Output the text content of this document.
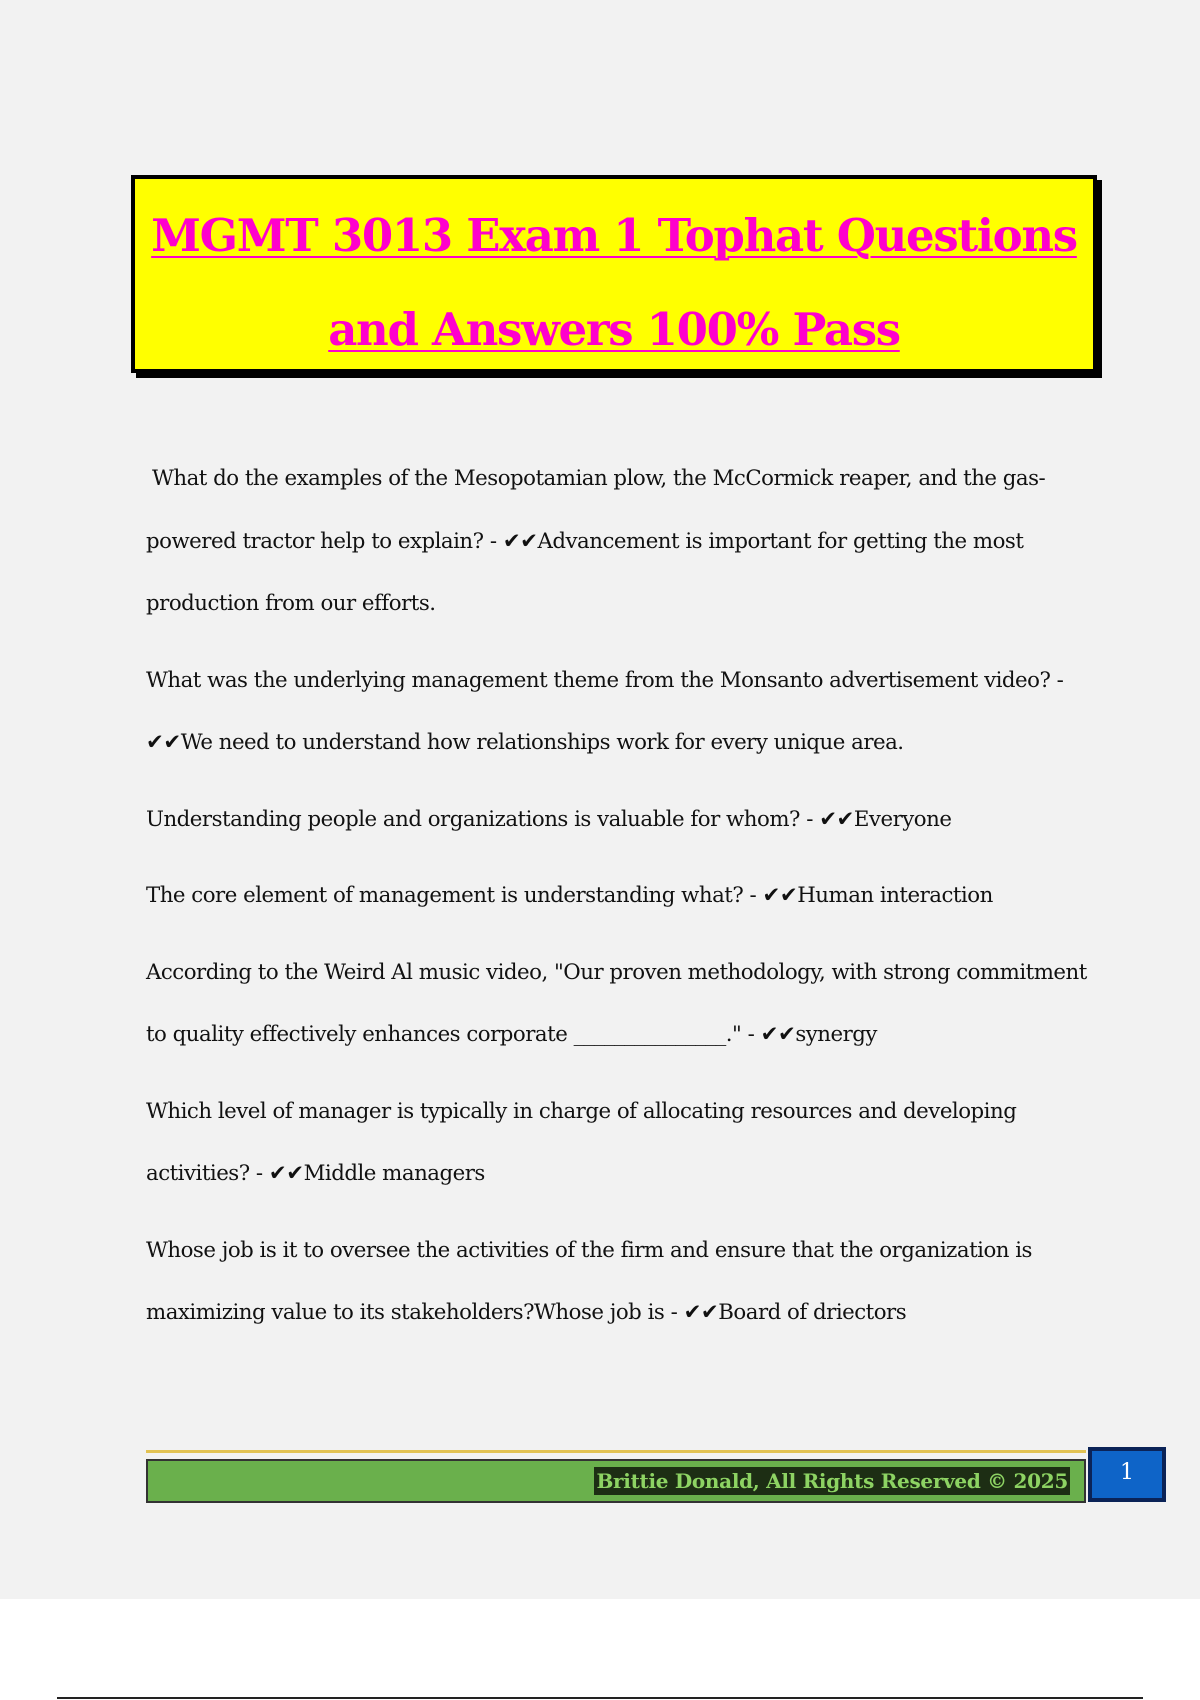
MGMT 3013 Exam 1 Tophat Questions
and Answers 100% Pass

What do the examples of the Mesopotamian plow, the McCormick reaper, and the gas-powered tractor help to explain? - ✔✔Advancement is important for getting the most production from our efforts.

What was the underlying management theme from the Monsanto advertisement video? - ✔✔We need to understand how relationships work for every unique area.

Understanding people and organizations is valuable for whom? - ✔✔Everyone

The core element of management is understanding what? - ✔✔Human interaction

According to the Weird Al music video, "Our proven methodology, with strong commitment to quality effectively enhances corporate _______________." - ✔✔synergy

Which level of manager is typically in charge of allocating resources and developing activities? - ✔✔Middle managers

Whose job is it to oversee the activities of the firm and ensure that the organization is maximizing value to its stakeholders?Whose job is - ✔✔Board of driectors

Brittie Donald, All Rights Reserved © 2025	1
